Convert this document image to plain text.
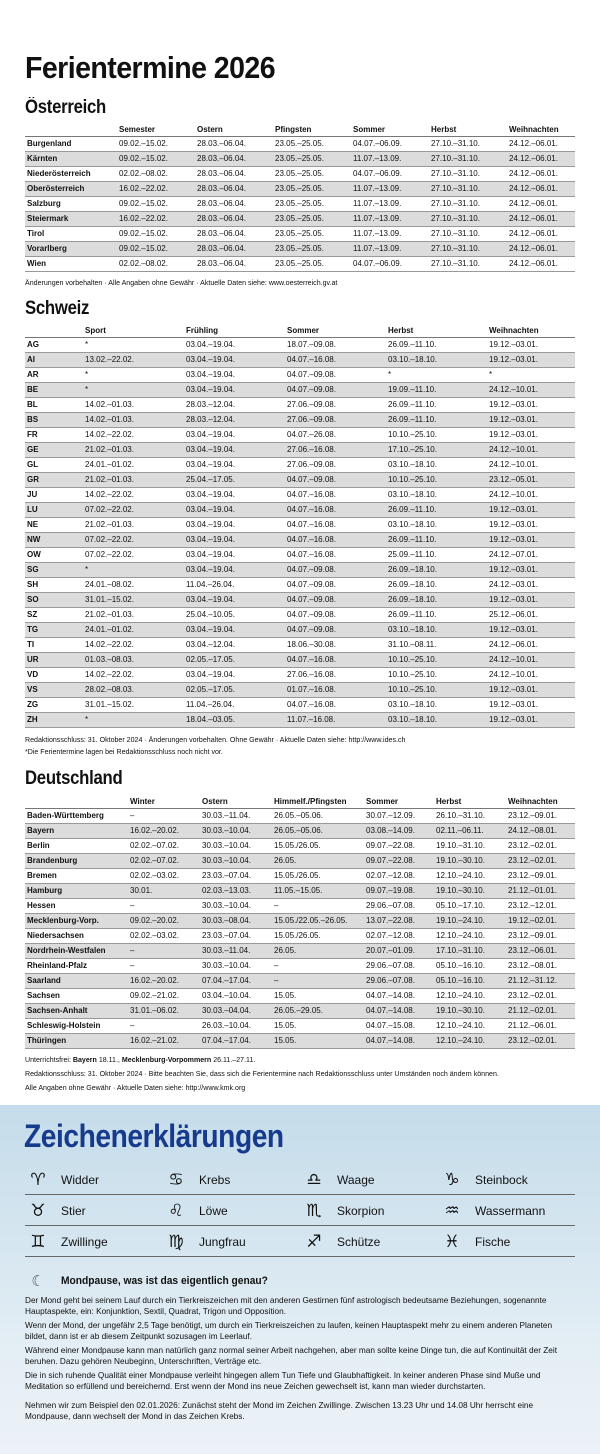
Ferientermine 2026
Österreich
	Semester	Ostern	Pfingsten	Sommer	Herbst	Weihnachten
Burgenland	09.02.–15.02.	28.03.–06.04.	23.05.–25.05.	04.07.–06.09.	27.10.–31.10.	24.12.–06.01.
Kärnten	09.02.–15.02.	28.03.–06.04.	23.05.–25.05.	11.07.–13.09.	27.10.–31.10.	24.12.–06.01.
Niederösterreich	02.02.–08.02.	28.03.–06.04.	23.05.–25.05.	04.07.–06.09.	27.10.–31.10.	24.12.–06.01.
Oberösterreich	16.02.–22.02.	28.03.–06.04.	23.05.–25.05.	11.07.–13.09.	27.10.–31.10.	24.12.–06.01.
Salzburg	09.02.–15.02.	28.03.–06.04.	23.05.–25.05.	11.07.–13.09.	27.10.–31.10.	24.12.–06.01.
Steiermark	16.02.–22.02.	28.03.–06.04.	23.05.–25.05.	11.07.–13.09.	27.10.–31.10.	24.12.–06.01.
Tirol	09.02.–15.02.	28.03.–06.04.	23.05.–25.05.	11.07.–13.09.	27.10.–31.10.	24.12.–06.01.
Vorarlberg	09.02.–15.02.	28.03.–06.04.	23.05.–25.05.	11.07.–13.09.	27.10.–31.10.	24.12.–06.01.
Wien	02.02.–08.02.	28.03.–06.04.	23.05.–25.05.	04.07.–06.09.	27.10.–31.10.	24.12.–06.01.
Änderungen vorbehalten · Alle Angaben ohne Gewähr · Aktuelle Daten siehe: www.oesterreich.gv.at
Schweiz
	Sport	Frühling	Sommer	Herbst	Weihnachten
AG	*	03.04.–19.04.	18.07.–09.08.	26.09.–11.10.	19.12.–03.01.
AI	13.02.–22.02.	03.04.–19.04.	04.07.–16.08.	03.10.–18.10.	19.12.–03.01.
AR	*	03.04.–19.04.	04.07.–09.08.	*	*
BE	*	03.04.–19.04.	04.07.–09.08.	19.09.–11.10.	24.12.–10.01.
BL	14.02.–01.03.	28.03.–12.04.	27.06.–09.08.	26.09.–11.10.	19.12.–03.01.
BS	14.02.–01.03.	28.03.–12.04.	27.06.–09.08.	26.09.–11.10.	19.12.–03.01.
FR	14.02.–22.02.	03.04.–19.04.	04.07.–26.08.	10.10.–25.10.	19.12.–03.01.
GE	21.02.–01.03.	03.04.–19.04.	27.06.–16.08.	17.10.–25.10.	24.12.–10.01.
GL	24.01.–01.02.	03.04.–19.04.	27.06.–09.08.	03.10.–18.10.	24.12.–10.01.
GR	21.02.–01.03.	25.04.–17.05.	04.07.–09.08.	10.10.–25.10.	23.12.–05.01.
JU	14.02.–22.02.	03.04.–19.04.	04.07.–16.08.	03.10.–18.10.	24.12.–10.01.
LU	07.02.–22.02.	03.04.–19.04.	04.07.–16.08.	26.09.–11.10.	19.12.–03.01.
NE	21.02.–01.03.	03.04.–19.04.	04.07.–16.08.	03.10.–18.10.	19.12.–03.01.
NW	07.02.–22.02.	03.04.–19.04.	04.07.–16.08.	26.09.–11.10.	19.12.–03.01.
OW	07.02.–22.02.	03.04.–19.04.	04.07.–16.08.	25.09.–11.10.	24.12.–07.01.
SG	*	03.04.–19.04.	04.07.–09.08.	26.09.–18.10.	19.12.–03.01.
SH	24.01.–08.02.	11.04.–26.04.	04.07.–09.08.	26.09.–18.10.	24.12.–03.01.
SO	31.01.–15.02.	03.04.–19.04.	04.07.–09.08.	26.09.–18.10.	19.12.–03.01.
SZ	21.02.–01.03.	25.04.–10.05.	04.07.–09.08.	26.09.–11.10.	25.12.–06.01.
TG	24.01.–01.02.	03.04.–19.04.	04.07.–09.08.	03.10.–18.10.	19.12.–03.01.
TI	14.02.–22.02.	03.04.–12.04.	18.06.–30.08.	31.10.–08.11.	24.12.–06.01.
UR	01.03.–08.03.	02.05.–17.05.	04.07.–16.08.	10.10.–25.10.	24.12.–10.01.
VD	14.02.–22.02.	03.04.–19.04.	27.06.–16.08.	10.10.–25.10.	24.12.–10.01.
VS	28.02.–08.03.	02.05.–17.05.	01.07.–16.08.	10.10.–25.10.	19.12.–03.01.
ZG	31.01.–15.02.	11.04.–26.04.	04.07.–16.08.	03.10.–18.10.	19.12.–03.01.
ZH	*	18.04.–03.05.	11.07.–16.08.	03.10.–18.10.	19.12.–03.01.
Redaktionsschluss: 31. Oktober 2024 · Änderungen vorbehalten. Ohne Gewähr · Aktuelle Daten siehe: http://www.ides.ch
*Die Ferientermine lagen bei Redaktionsschluss noch nicht vor.
Deutschland
	Winter	Ostern	Himmelf./Pfingsten	Sommer	Herbst	Weihnachten
Baden-Württemberg	–	30.03.–11.04.	26.05.–05.06.	30.07.–12.09.	26.10.–31.10.	23.12.–09.01.
Bayern	16.02.–20.02.	30.03.–10.04.	26.05.–05.06.	03.08.–14.09.	02.11.–06.11.	24.12.–08.01.
Berlin	02.02.–07.02.	30.03.–10.04.	15.05./26.05.	09.07.–22.08.	19.10.–31.10.	23.12.–02.01.
Brandenburg	02.02.–07.02.	30.03.–10.04.	26.05.	09.07.–22.08.	19.10.–30.10.	23.12.–02.01.
Bremen	02.02.–03.02.	23.03.–07.04.	15.05./26.05.	02.07.–12.08.	12.10.–24.10.	23.12.–09.01.
Hamburg	30.01.	02.03.–13.03.	11.05.–15.05.	09.07.–19.08.	19.10.–30.10.	21.12.–01.01.
Hessen	–	30.03.–10.04.	–	29.06.–07.08.	05.10.–17.10.	23.12.–12.01.
Mecklenburg-Vorp.	09.02.–20.02.	30.03.–08.04.	15.05./22.05.–26.05.	13.07.–22.08.	19.10.–24.10.	19.12.–02.01.
Niedersachsen	02.02.–03.02.	23.03.–07.04.	15.05./26.05.	02.07.–12.08.	12.10.–24.10.	23.12.–09.01.
Nordrhein-Westfalen	–	30.03.–11.04.	26.05.	20.07.–01.09.	17.10.–31.10.	23.12.–06.01.
Rheinland-Pfalz	–	30.03.–10.04.	–	29.06.–07.08.	05.10.–16.10.	23.12.–08.01.
Saarland	16.02.–20.02.	07.04.–17.04.	–	29.06.–07.08.	05.10.–16.10.	21.12.–31.12.
Sachsen	09.02.–21.02.	03.04.–10.04.	15.05.	04.07.–14.08.	12.10.–24.10.	23.12.–02.01.
Sachsen-Anhalt	31.01.–06.02.	30.03.–04.04.	26.05.–29.05.	04.07.–14.08.	19.10.–30.10.	21.12.–02.01.
Schleswig-Holstein	–	26.03.–10.04.	15.05.	04.07.–15.08.	12.10.–24.10.	21.12.–06.01.
Thüringen	16.02.–21.02.	07.04.–17.04.	15.05.	04.07.–14.08.	12.10.–24.10.	23.12.–02.01.
Unterrichtsfrei: Bayern 18.11., Mecklenburg-Vorpommern 26.11.–27.11.
Redaktionsschluss: 31. Oktober 2024 · Bitte beachten Sie, dass sich die Ferientermine nach Redaktionsschluss unter Umständen noch ändern können.
Alle Angaben ohne Gewähr · Aktuelle Daten siehe: http://www.kmk.org
Zeichenerklärungen
♈	Widder	♋	Krebs	♎	Waage	♑	Steinbock
♉	Stier	♌	Löwe	♏	Skorpion	♒	Wassermann
♊	Zwillinge	♍	Jungfrau	♐	Schütze	♓	Fische
☾	Mondpause, was ist das eigentlich genau?
Der Mond geht bei seinem Lauf durch ein Tierkreiszeichen mit den anderen Gestirnen fünf astrologisch bedeutsame Beziehungen, sogenannte Hauptaspekte, ein: Konjunktion, Sextil, Quadrat, Trigon und Opposition.
Wenn der Mond, der ungefähr 2,5 Tage benötigt, um durch ein Tierkreiszeichen zu laufen, keinen Hauptaspekt mehr zu einem anderen Planeten bildet, dann ist er ab diesem Zeitpunkt sozusagen im Leerlauf.
Während einer Mondpause kann man natürlich ganz normal seiner Arbeit nachgehen, aber man sollte keine Dinge tun, die auf Kontinuität der Zeit beruhen. Dazu gehören Neubeginn, Unterschriften, Verträge etc.
Die in sich ruhende Qualität einer Mondpause verleiht hingegen allem Tun Tiefe und Glaubhaftigkeit. In keiner anderen Phase sind Muße und Meditation so erfüllend und bereichernd. Erst wenn der Mond ins neue Zeichen gewechselt ist, kann man wieder durchstarten.
Nehmen wir zum Beispiel den 02.01.2026: Zunächst steht der Mond im Zeichen Zwillinge. Zwischen 13.23 Uhr und 14.08 Uhr herrscht eine Mondpause, dann wechselt der Mond in das Zeichen Krebs.
